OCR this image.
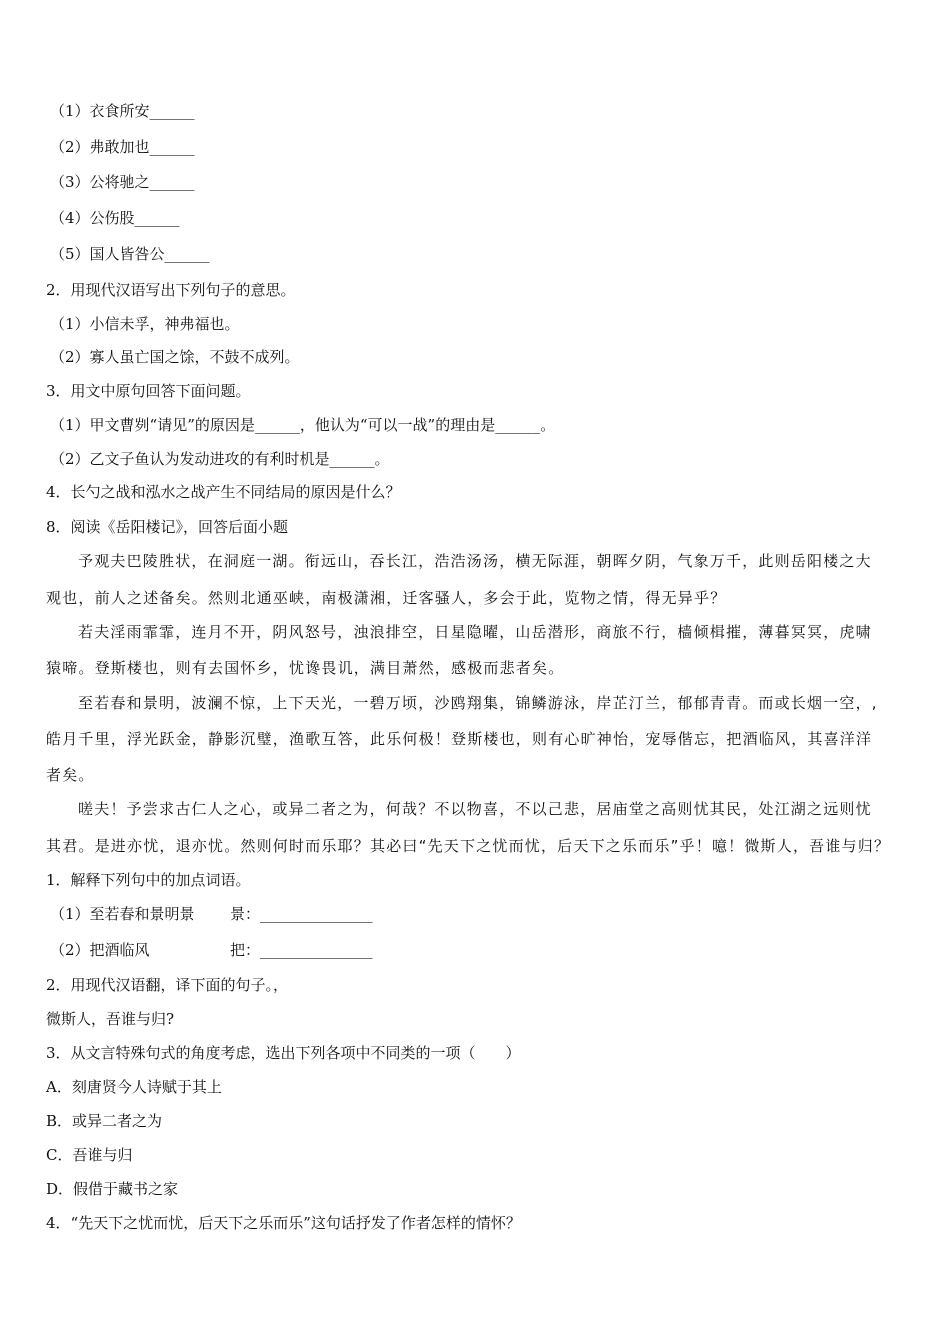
（1）衣食所安______
（2）弗敢加也______
（3）公将驰之______
（4）公伤股______
（5）国人皆咎公______
2．用现代汉语写出下列句子的意思。
（1）小信未孚，神弗福也。
（2）寡人虽亡国之馀，不鼓不成列。
3．用文中原句回答下面问题。
（1）甲文曹刿“请见”的原因是______，他认为“可以一战”的理由是______。
（2）乙文子鱼认为发动进攻的有利时机是______。
4．长勺之战和泓水之战产生不同结局的原因是什么？
8．阅读《岳阳楼记》，回答后面小题
予观夫巴陵胜状，在洞庭一湖。衔远山，吞长江，浩浩汤汤，横无际涯，朝晖夕阴，气象万千，此则岳阳楼之大
观也，前人之述备矣。然则北通巫峡，南极潇湘，迁客骚人，多会于此，览物之情，得无异乎？
若夫淫雨霏霏，连月不开，阴风怒号，浊浪排空，日星隐曜，山岳潜形，商旅不行，樯倾楫摧，薄暮冥冥，虎啸
猿啼。登斯楼也，则有去国怀乡，忧谗畏讥，满目萧然，感极而悲者矣。
至若春和景明，波澜不惊，上下天光，一碧万顷，沙鸥翔集，锦鳞游泳，岸芷汀兰，郁郁青青。而或长烟一空，,
皓月千里，浮光跃金，静影沉璧，渔歌互答，此乐何极！登斯楼也，则有心旷神怡，宠辱偕忘，把酒临风，其喜洋洋
者矣。
嗟夫！予尝求古仁人之心，或异二者之为，何哉？不以物喜，不以己悲，居庙堂之高则忧其民，处江湖之远则忧
其君。是进亦忧，退亦忧。然则何时而乐耶？其必曰“先天下之忧而忧，后天下之乐而乐”乎！噫！微斯人，吾谁与归？
1．解释下列句中的加点词语。
（1）至若春和景明景 景：_______________
（2）把酒临风	把：_______________
2．用现代汉语翻，译下面的句子。，
微斯人，吾谁与归?
3．从文言特殊句式的角度考虑，选出下列各项中不同类的一项（　　）
A．刻唐贤今人诗赋于其上
B．或异二者之为
C．吾谁与归
D．假借于藏书之家
4．“先天下之忧而忧，后天下之乐而乐”这句话抒发了作者怎样的情怀？
